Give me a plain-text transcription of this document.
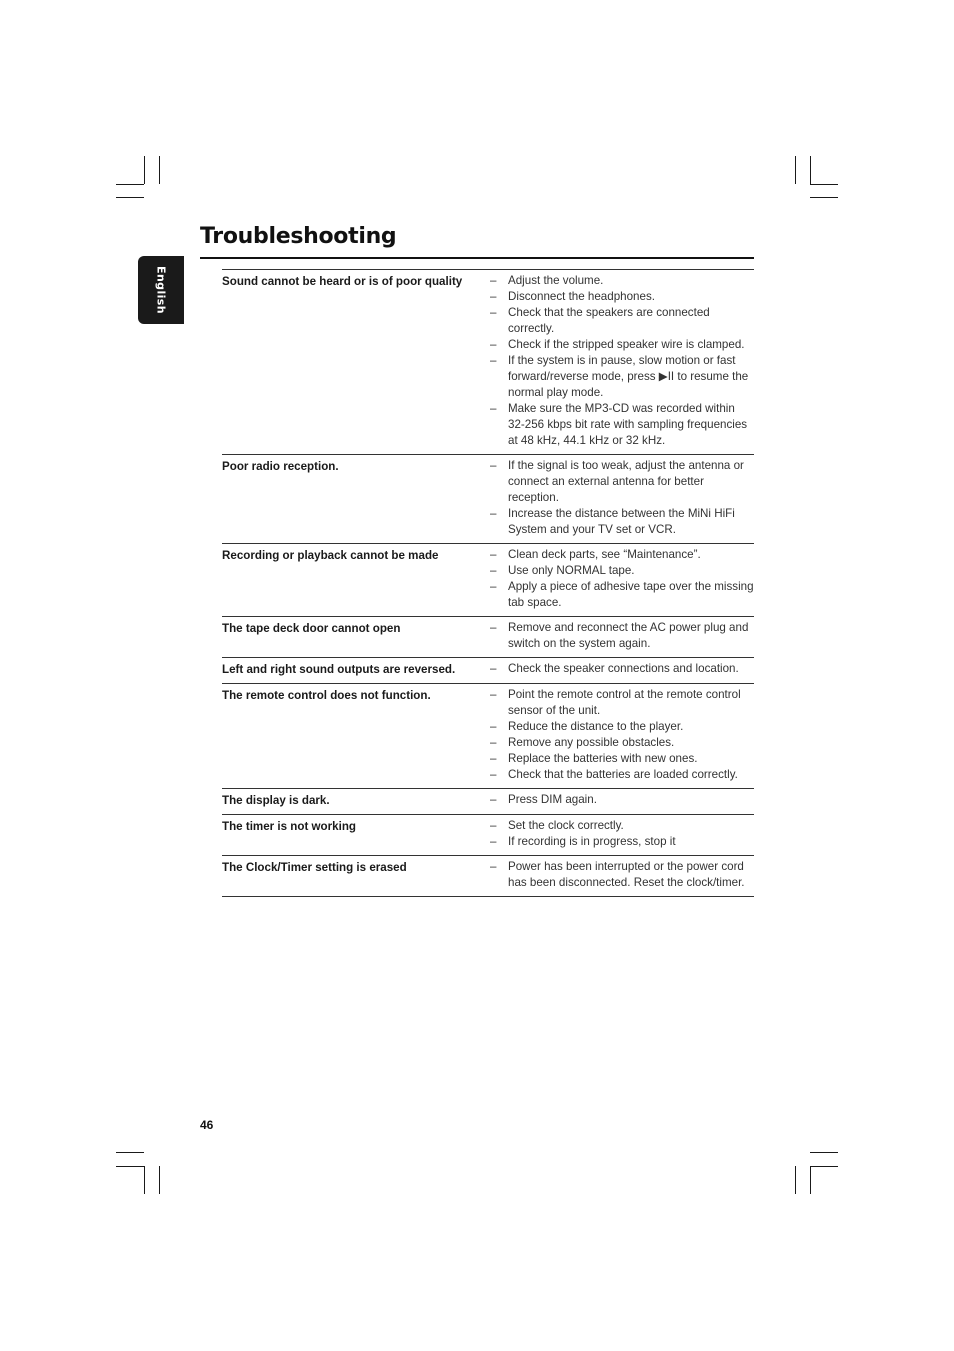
English
Troubleshooting
Sound cannot be heard or is of poor quality	– Adjust the volume.
– Disconnect the headphones.
– Check that the speakers are connected correctly.
– Check if the stripped speaker wire is clamped.
– If the system is in pause, slow motion or fast forward/reverse mode, press ▶II to resume the normal play mode.
– Make sure the MP3-CD was recorded within 32-256 kbps bit rate with sampling frequencies at 48 kHz, 44.1 kHz or 32 kHz.
Poor radio reception.	– If the signal is too weak, adjust the antenna or connect an external antenna for better reception.
– Increase the distance between the MiNi HiFi System and your TV set or VCR.
Recording or playback cannot be made	– Clean deck parts, see “Maintenance”.
– Use only NORMAL tape.
– Apply a piece of adhesive tape over the missing tab space.
The tape deck door cannot open	– Remove and reconnect the AC power plug and switch on the system again.
Left and right sound outputs are reversed.	– Check the speaker connections and location.
The remote control does not function.	– Point the remote control at the remote control sensor of the unit.
– Reduce the distance to the player.
– Remove any possible obstacles.
– Replace the batteries with new ones.
– Check that the batteries are loaded correctly.
The display is dark.	– Press DIM again.
The timer is not working	– Set the clock correctly.
– If recording is in progress, stop it
The Clock/Timer setting is erased	– Power has been interrupted or the power cord has been disconnected. Reset the clock/timer.
46
